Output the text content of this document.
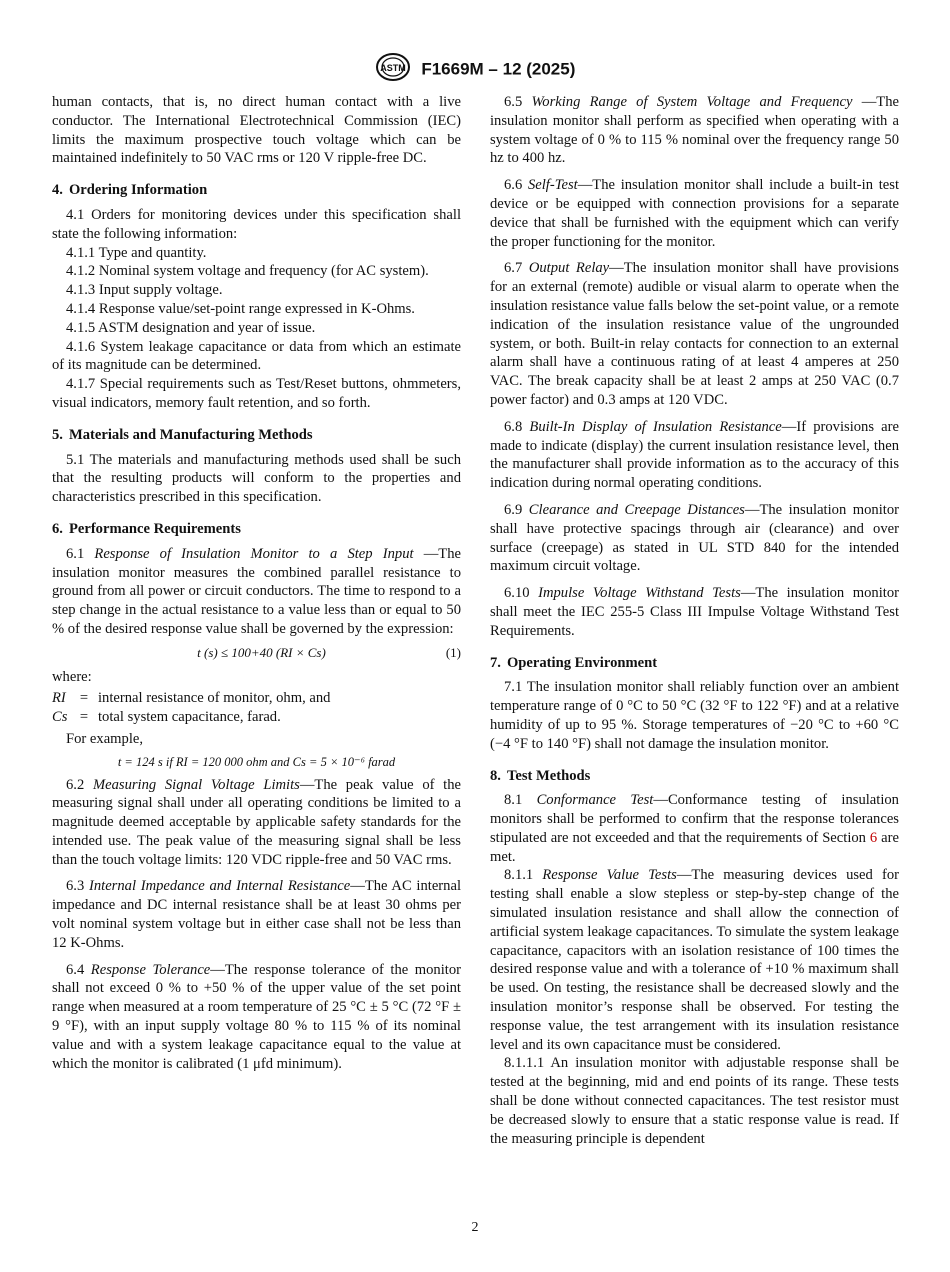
ASTM F1669M – 12 (2025)

human contacts, that is, no direct human contact with a live conductor. The International Electrotechnical Commission (IEC) limits the maximum prospective touch voltage which can be maintained indefinitely to 50 VAC rms or 120 V ripple-free DC.

4. Ordering Information

4.1 Orders for monitoring devices under this specification shall state the following information:

4.1.1 Type and quantity.

4.1.2 Nominal system voltage and frequency (for AC system).

4.1.3 Input supply voltage.

4.1.4 Response value/set-point range expressed in K-Ohms.

4.1.5 ASTM designation and year of issue.

4.1.6 System leakage capacitance or data from which an estimate of its magnitude can be determined.

4.1.7 Special requirements such as Test/Reset buttons, ohmmeters, visual indicators, memory fault retention, and so forth.

5. Materials and Manufacturing Methods

5.1 The materials and manufacturing methods used shall be such that the resulting products will conform to the properties and characteristics prescribed in this specification.

6. Performance Requirements

6.1 Response of Insulation Monitor to a Step Input —The insulation monitor measures the combined parallel resistance to ground from all power or circuit conductors. The time to respond to a step change in the actual resistance to a value less than or equal to 50 % of the desired response value shall be governed by the expression:

t (s) ≤ 100+40 (RI × Cs)	(1)

where:

RI = internal resistance of monitor, ohm, and
Cs = total system capacitance, farad.

For example,

t = 124 s if RI = 120 000 ohm and Cs = 5 × 10⁻⁶ farad

6.2 Measuring Signal Voltage Limits—The peak value of the measuring signal shall under all operating conditions be limited to a magnitude deemed acceptable by applicable safety standards for the intended use. The peak value of the measuring signal shall be less than the touch voltage limits: 120 VDC ripple-free and 50 VAC rms.

6.3 Internal Impedance and Internal Resistance—The AC internal impedance and DC internal resistance shall be at least 30 ohms per volt nominal system voltage but in either case shall not be less than 12 K-Ohms.

6.4 Response Tolerance—The response tolerance of the monitor shall not exceed 0 % to +50 % of the upper value of the set point range when measured at a room temperature of 25 °C ± 5 °C (72 °F ± 9 °F), with an input supply voltage 80 % to 115 % of its nominal value and with a system leakage capacitance equal to the value at which the monitor is calibrated (1 μfd minimum).

6.5 Working Range of System Voltage and Frequency —The insulation monitor shall perform as specified when operating with a system voltage of 0 % to 115 % nominal over the frequency range 50 hz to 400 hz.

6.6 Self-Test—The insulation monitor shall include a built-in test device or be equipped with connection provisions for a separate device that shall be furnished with the equipment which can verify the proper functioning for the monitor.

6.7 Output Relay—The insulation monitor shall have provisions for an external (remote) audible or visual alarm to operate when the insulation resistance value falls below the set-point value, or a remote indication of the insulation resistance value of the ungrounded system, or both. Built-in relay contacts for connection to an external alarm shall have a continuous rating of at least 4 amperes at 250 VAC. The break capacity shall be at least 2 amps at 250 VAC (0.7 power factor) and 0.3 amps at 120 VDC.

6.8 Built-In Display of Insulation Resistance—If provisions are made to indicate (display) the current insulation resistance level, then the manufacturer shall provide information as to the accuracy of this indication during normal operating conditions.

6.9 Clearance and Creepage Distances—The insulation monitor shall have protective spacings through air (clearance) and over surface (creepage) as stated in UL STD 840 for the intended maximum circuit voltage.

6.10 Impulse Voltage Withstand Tests—The insulation monitor shall meet the IEC 255-5 Class III Impulse Voltage Withstand Test Requirements.

7. Operating Environment

7.1 The insulation monitor shall reliably function over an ambient temperature range of 0 °C to 50 °C (32 °F to 122 °F) and at a relative humidity of up to 95 %. Storage temperatures of −20 °C to +60 °C (−4 °F to 140 °F) shall not damage the insulation monitor.

8. Test Methods

8.1 Conformance Test—Conformance testing of insulation monitors shall be performed to confirm that the response tolerances stipulated are not exceeded and that the requirements of Section 6 are met.

8.1.1 Response Value Tests—The measuring devices used for testing shall enable a slow stepless or step-by-step change of the simulated insulation resistance and shall allow the connection of artificial system leakage capacitances. To simulate the system leakage capacitance, capacitors with an isolation resistance of 100 times the desired response value and with a tolerance of +10 % maximum shall be used. On testing, the resistance shall be decreased slowly and the insulation monitor’s response shall be observed. For testing the response value, the test arrangement with its insulation resistance level and its own capacitance must be considered.

8.1.1.1 An insulation monitor with adjustable response shall be tested at the beginning, mid and end points of its range. These tests shall be done without connected capacitances. The test resistor must be decreased slowly to ensure that a static response value is read. If the measuring principle is dependent

2
